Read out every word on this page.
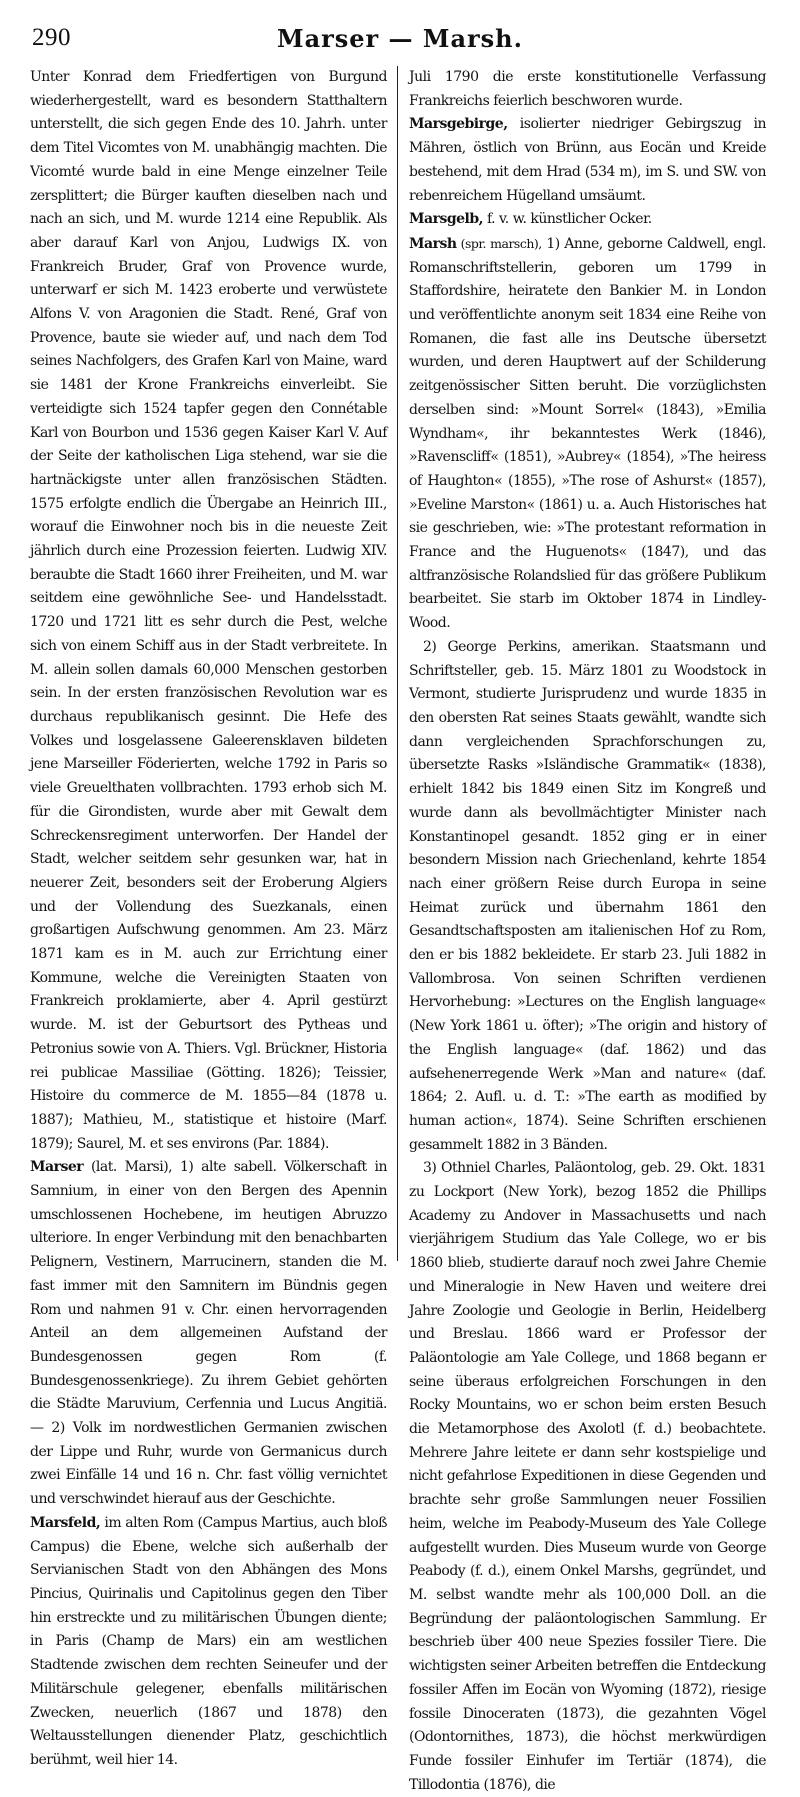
290	Marser — Marsh.

Unter Konrad dem Friedfertigen von Burgund wiederhergestellt, ward es besondern Statthaltern unterstellt, die sich gegen Ende des 10. Jahrh. unter dem Titel Vicomtes von M. unabhängig machten. Die Vicomté wurde bald in eine Menge einzelner Teile zersplittert; die Bürger kauften dieselben nach und nach an sich, und M. wurde 1214 eine Republik. Als aber darauf Karl von Anjou, Ludwigs IX. von Frankreich Bruder, Graf von Provence wurde, unterwarf er sich M. 1423 eroberte und verwüstete Alfons V. von Aragonien die Stadt. René, Graf von Provence, baute sie wieder auf, und nach dem Tod seines Nachfolgers, des Grafen Karl von Maine, ward sie 1481 der Krone Frankreichs einverleibt. Sie verteidigte sich 1524 tapfer gegen den Connétable Karl von Bourbon und 1536 gegen Kaiser Karl V. Auf der Seite der katholischen Liga stehend, war sie die hartnäckigste unter allen französischen Städten. 1575 erfolgte endlich die Übergabe an Heinrich III., worauf die Einwohner noch bis in die neueste Zeit jährlich durch eine Prozession feierten. Ludwig XIV. beraubte die Stadt 1660 ihrer Freiheiten, und M. war seitdem eine gewöhnliche See- und Handelsstadt. 1720 und 1721 litt es sehr durch die Pest, welche sich von einem Schiff aus in der Stadt verbreitete. In M. allein sollen damals 60,000 Menschen gestorben sein. In der ersten französischen Revolution war es durchaus republikanisch gesinnt. Die Hefe des Volkes und losgelassene Galeerensklaven bildeten jene Marseiller Föderierten, welche 1792 in Paris so viele Greuelthaten vollbrachten. 1793 erhob sich M. für die Girondisten, wurde aber mit Gewalt dem Schreckensregiment unterworfen. Der Handel der Stadt, welcher seitdem sehr gesunken war, hat in neuerer Zeit, besonders seit der Eroberung Algiers und der Vollendung des Suezkanals, einen großartigen Aufschwung genommen. Am 23. März 1871 kam es in M. auch zur Errichtung einer Kommune, welche die Vereinigten Staaten von Frankreich proklamierte, aber 4. April gestürzt wurde. M. ist der Geburtsort des Pytheas und Petronius sowie von A. Thiers. Vgl. Brückner, Historia rei publicae Massiliae (Götting. 1826); Teissier, Histoire du commerce de M. 1855—84 (1878 u. 1887); Mathieu, M., statistique et histoire (Marf. 1879); Saurel, M. et ses environs (Par. 1884).

Marser (lat. Marsi), 1) alte sabell. Völkerschaft in Samnium, in einer von den Bergen des Apennin umschlossenen Hochebene, im heutigen Abruzzo ulteriore. In enger Verbindung mit den benachbarten Pelignern, Vestinern, Marrucinern, standen die M. fast immer mit den Samnitern im Bündnis gegen Rom und nahmen 91 v. Chr. einen hervorragenden Anteil an dem allgemeinen Aufstand der Bundesgenossen gegen Rom (f. Bundesgenossenkriege). Zu ihrem Gebiet gehörten die Städte Maruvium, Cerfennia und Lucus Angitiä. — 2) Volk im nordwestlichen Germanien zwischen der Lippe und Ruhr, wurde von Germanicus durch zwei Einfälle 14 und 16 n. Chr. fast völlig vernichtet und verschwindet hierauf aus der Geschichte.

Marsfeld, im alten Rom (Campus Martius, auch bloß Campus) die Ebene, welche sich außerhalb der Servianischen Stadt von den Abhängen des Mons Pincius, Quirinalis und Capitolinus gegen den Tiber hin erstreckte und zu militärischen Übungen diente; in Paris (Champ de Mars) ein am westlichen Stadtende zwischen dem rechten Seineufer und der Militärschule gelegener, ebenfalls militärischen Zwecken, neuerlich (1867 und 1878) den Weltausstellungen dienender Platz, geschichtlich berühmt, weil hier 14.

Juli 1790 die erste konstitutionelle Verfassung Frankreichs feierlich beschworen wurde.

Marsgebirge, isolierter niedriger Gebirgszug in Mähren, östlich von Brünn, aus Eocän und Kreide bestehend, mit dem Hrad (534 m), im S. und SW. von rebenreichem Hügelland umsäumt.

Marsgelb, f. v. w. künstlicher Ocker.

Marsh (spr. marsch), 1) Anne, geborne Caldwell, engl. Romanschriftstellerin, geboren um 1799 in Staffordshire, heiratete den Bankier M. in London und veröffentlichte anonym seit 1834 eine Reihe von Romanen, die fast alle ins Deutsche übersetzt wurden, und deren Hauptwert auf der Schilderung zeitgenössischer Sitten beruht. Die vorzüglichsten derselben sind: »Mount Sorrel« (1843), »Emilia Wyndham«, ihr bekanntestes Werk (1846), »Ravenscliff« (1851), »Aubrey« (1854), »The heiress of Haughton« (1855), »The rose of Ashurst« (1857), »Eveline Marston« (1861) u. a. Auch Historisches hat sie geschrieben, wie: »The protestant reformation in France and the Huguenots« (1847), und das altfranzösische Rolandslied für das größere Publikum bearbeitet. Sie starb im Oktober 1874 in Lindley-Wood.

2) George Perkins, amerikan. Staatsmann und Schriftsteller, geb. 15. März 1801 zu Woodstock in Vermont, studierte Jurisprudenz und wurde 1835 in den obersten Rat seines Staats gewählt, wandte sich dann vergleichenden Sprachforschungen zu, übersetzte Rasks »Isländische Grammatik« (1838), erhielt 1842 bis 1849 einen Sitz im Kongreß und wurde dann als bevollmächtigter Minister nach Konstantinopel gesandt. 1852 ging er in einer besondern Mission nach Griechenland, kehrte 1854 nach einer größern Reise durch Europa in seine Heimat zurück und übernahm 1861 den Gesandtschaftsposten am italienischen Hof zu Rom, den er bis 1882 bekleidete. Er starb 23. Juli 1882 in Vallombrosa. Von seinen Schriften verdienen Hervorhebung: »Lectures on the English language« (New York 1861 u. öfter); »The origin and history of the English language« (daf. 1862) und das aufsehenerregende Werk »Man and nature« (daf. 1864; 2. Aufl. u. d. T.: »The earth as modified by human action«, 1874). Seine Schriften erschienen gesammelt 1882 in 3 Bänden.

3) Othniel Charles, Paläontolog, geb. 29. Okt. 1831 zu Lockport (New York), bezog 1852 die Phillips Academy zu Andover in Massachusetts und nach vierjährigem Studium das Yale College, wo er bis 1860 blieb, studierte darauf noch zwei Jahre Chemie und Mineralogie in New Haven und weitere drei Jahre Zoologie und Geologie in Berlin, Heidelberg und Breslau. 1866 ward er Professor der Paläontologie am Yale College, und 1868 begann er seine überaus erfolgreichen Forschungen in den Rocky Mountains, wo er schon beim ersten Besuch die Metamorphose des Axolotl (f. d.) beobachtete. Mehrere Jahre leitete er dann sehr kostspielige und nicht gefahrlose Expeditionen in diese Gegenden und brachte sehr große Sammlungen neuer Fossilien heim, welche im Peabody-Museum des Yale College aufgestellt wurden. Dies Museum wurde von George Peabody (f. d.), einem Onkel Marshs, gegründet, und M. selbst wandte mehr als 100,000 Doll. an die Begründung der paläontologischen Sammlung. Er beschrieb über 400 neue Spezies fossiler Tiere. Die wichtigsten seiner Arbeiten betreffen die Entdeckung fossiler Affen im Eocän von Wyoming (1872), riesige fossile Dinoceraten (1873), die gezahnten Vögel (Odontornithes, 1873), die höchst merkwürdigen Funde fossiler Einhufer im Tertiär (1874), die Tillodontia (1876), die
